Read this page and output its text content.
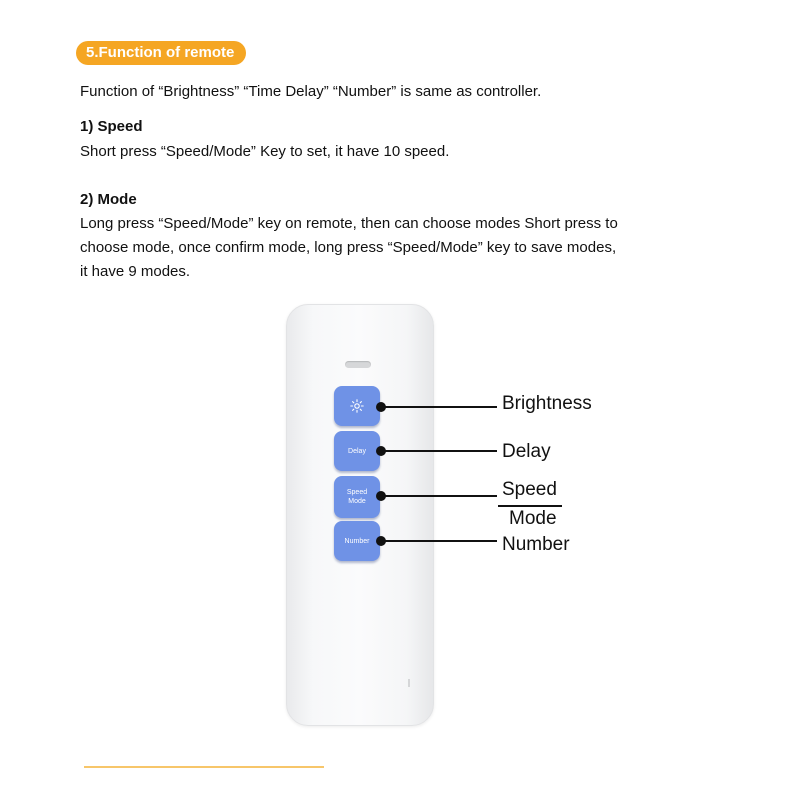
5.Function of remote
Function of “Brightness” “Time Delay” “Number” is same as controller.
1) Speed
Short press “Speed/Mode” Key to set, it have 10 speed.
2) Mode
Long press “Speed/Mode” key on remote, then can choose modes Short press to
choose mode, once confirm mode, long press “Speed/Mode” key to save modes,
it have 9 modes.
Delay
Speed
Mode
Number
Brightness
Delay
Speed
Mode
Number
